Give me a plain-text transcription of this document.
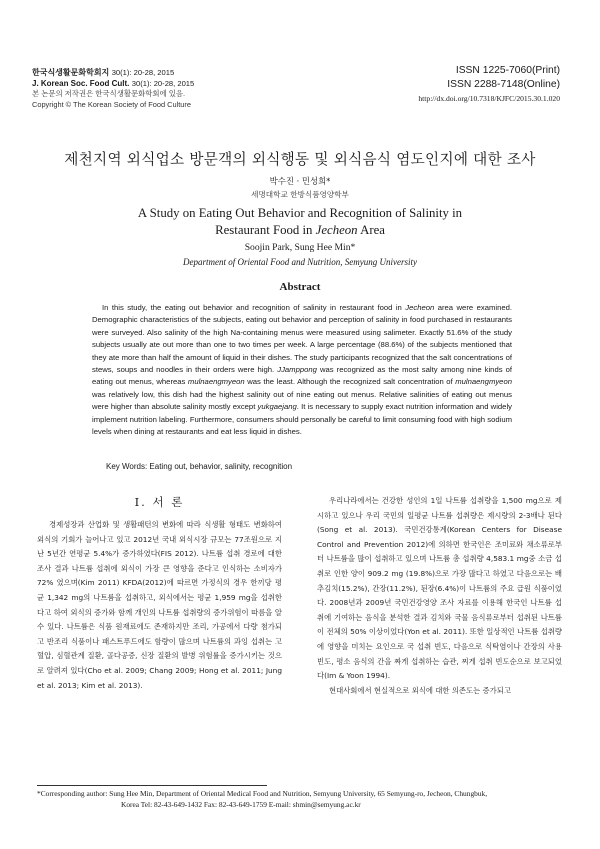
한국식생활문화학회지 30(1): 20-28, 2015
J. Korean Soc. Food Cult. 30(1): 20-28, 2015
본 논문의 저작권은 한국식생활문화학회에 있음.
Copyright © The Korean Society of Food Culture
ISSN 1225-7060(Print)
ISSN 2288-7148(Online)
http://dx.doi.org/10.7318/KJFC/2015.30.1.020
제천지역 외식업소 방문객의 외식행동 및 외식음식 염도인지에 대한 조사
박수진 · 민성희*
세명대학교 한방식품영양학부
A Study on Eating Out Behavior and Recognition of Salinity in
Restaurant Food in Jecheon Area
Soojin Park, Sung Hee Min*
Department of Oriental Food and Nutrition, Semyung University
Abstract
In this study, the eating out behavior and recognition of salinity in restaurant food in Jecheon area were examined. Demographic characteristics of the subjects, eating out behavior and perception of salinity in food purchased in restaurants were surveyed. Also salinity of the high Na-containing menus were measured using salimeter. Exactly 51.6% of the study subjects usually ate out more than one to two times per week. A large percentage (88.6%) of the subjects mentioned that they ate more than half the amount of liquid in their dishes. The study participants recognized that the salt concentrations of stews, soups and noodles in their orders were high. JJamppong was recognized as the most salty among nine kinds of eating out menus, whereas mulnaengmyeon was the least. Although the recognized salt concentration of mulnaengmyeon was relatively low, this dish had the highest salinity out of nine eating out menus. Relative salinities of eating out menus were higher than absolute salinity mostly except yukgaejang. It is necessary to supply exact nutrition information and widely implement nutrition labeling. Furthermore, consumers should personally be careful to limit consuming food with high sodium levels when dining at restaurants and eat less liquid in dishes.
Key Words: Eating out, behavior, salinity, recognition
Ⅰ. 서 론

경제성장과 산업화 및 생활패턴의 변화에 따라 식생활 형태도 변화하여 외식의 기회가 늘어나고 있고 2012년 국내 외식시장 규모는 77조원으로 지난 5년간 연평균 5.4%가 증가하였다(FIS 2012). 나트륨 섭취 경로에 대한 조사 결과 나트륨 섭취에 외식이 가장 큰 영향을 준다고 인식하는 소비자가 72% 였으며(Kim 2011) KFDA(2012)에 따르면 가정식의 경우 한끼당 평균 1,342 mg의 나트륨을 섭취하고, 외식에서는 평균 1,959 mg을 섭취한다고 하여 외식의 증가와 함께 개인의 나트륨 섭취량의 증가위험이 따름을 알 수 있다. 나트륨은 식품 원재료에도 존재하지만 조리, 가공에서 다량 첨가되고 반조리 식품이나 패스트푸드에도 함량이 많으며 나트륨의 과잉 섭취는 고혈압, 심혈관계 질환, 골다공증, 신장 질환의 발병 위험률을 증가시키는 것으로 알려져 있다(Cho et al. 2009; Chang 2009; Hong et al. 2011; Jung et al. 2013; Kim et al. 2013).

우리나라에서는 건강한 성인의 1일 나트륨 섭취량을 1,500 mg으로 제시하고 있으나 우리 국민의 일평균 나트륨 섭취량은 제시량의 2-3배나 된다(Song et al. 2013). 국민건강통계(Korean Centers for Disease Control and Prevention 2012)에 의하면 한국인은 조미료와 채소류로부터 나트륨을 많이 섭취하고 있으며 나트륨 총 섭취량 4,583.1 mg중 소금 섭취로 인한 양이 909.2 mg (19.8%)으로 가장 많다고 하였고 다음으로는 배추김치(15.2%), 간장(11.2%), 된장(6.4%)이 나트륨의 주요 급원 식품이었다. 2008년과 2009년 국민건강영양 조사 자료를 이용해 한국인 나트륨 섭취에 기여하는 음식을 분석한 결과 김치와 국물 음식류로부터 섭취된 나트륨이 전체의 50% 이상이었다(Yon et al. 2011). 또한 일상적인 나트륨 섭취량에 영향을 미치는 요인으로 국 섭취 빈도, 다음으로 식탁염이나 간장의 사용빈도, 평소 음식의 간을 짜게 섭취하는 습관, 찌게 섭취 빈도순으로 보고되었다(Im & Yoon 1994).

현대사회에서 현실적으로 외식에 대한 의존도는 증가되고

*Corresponding author: Sung Hee Min, Department of Oriental Medical Food and Nutrition, Semyung University, 65 Semyung-ro, Jecheon, Chungbuk,
Korea Tel: 82-43-649-1432 Fax: 82-43-649-1759 E-mail: shmin@semyung.ac.kr
